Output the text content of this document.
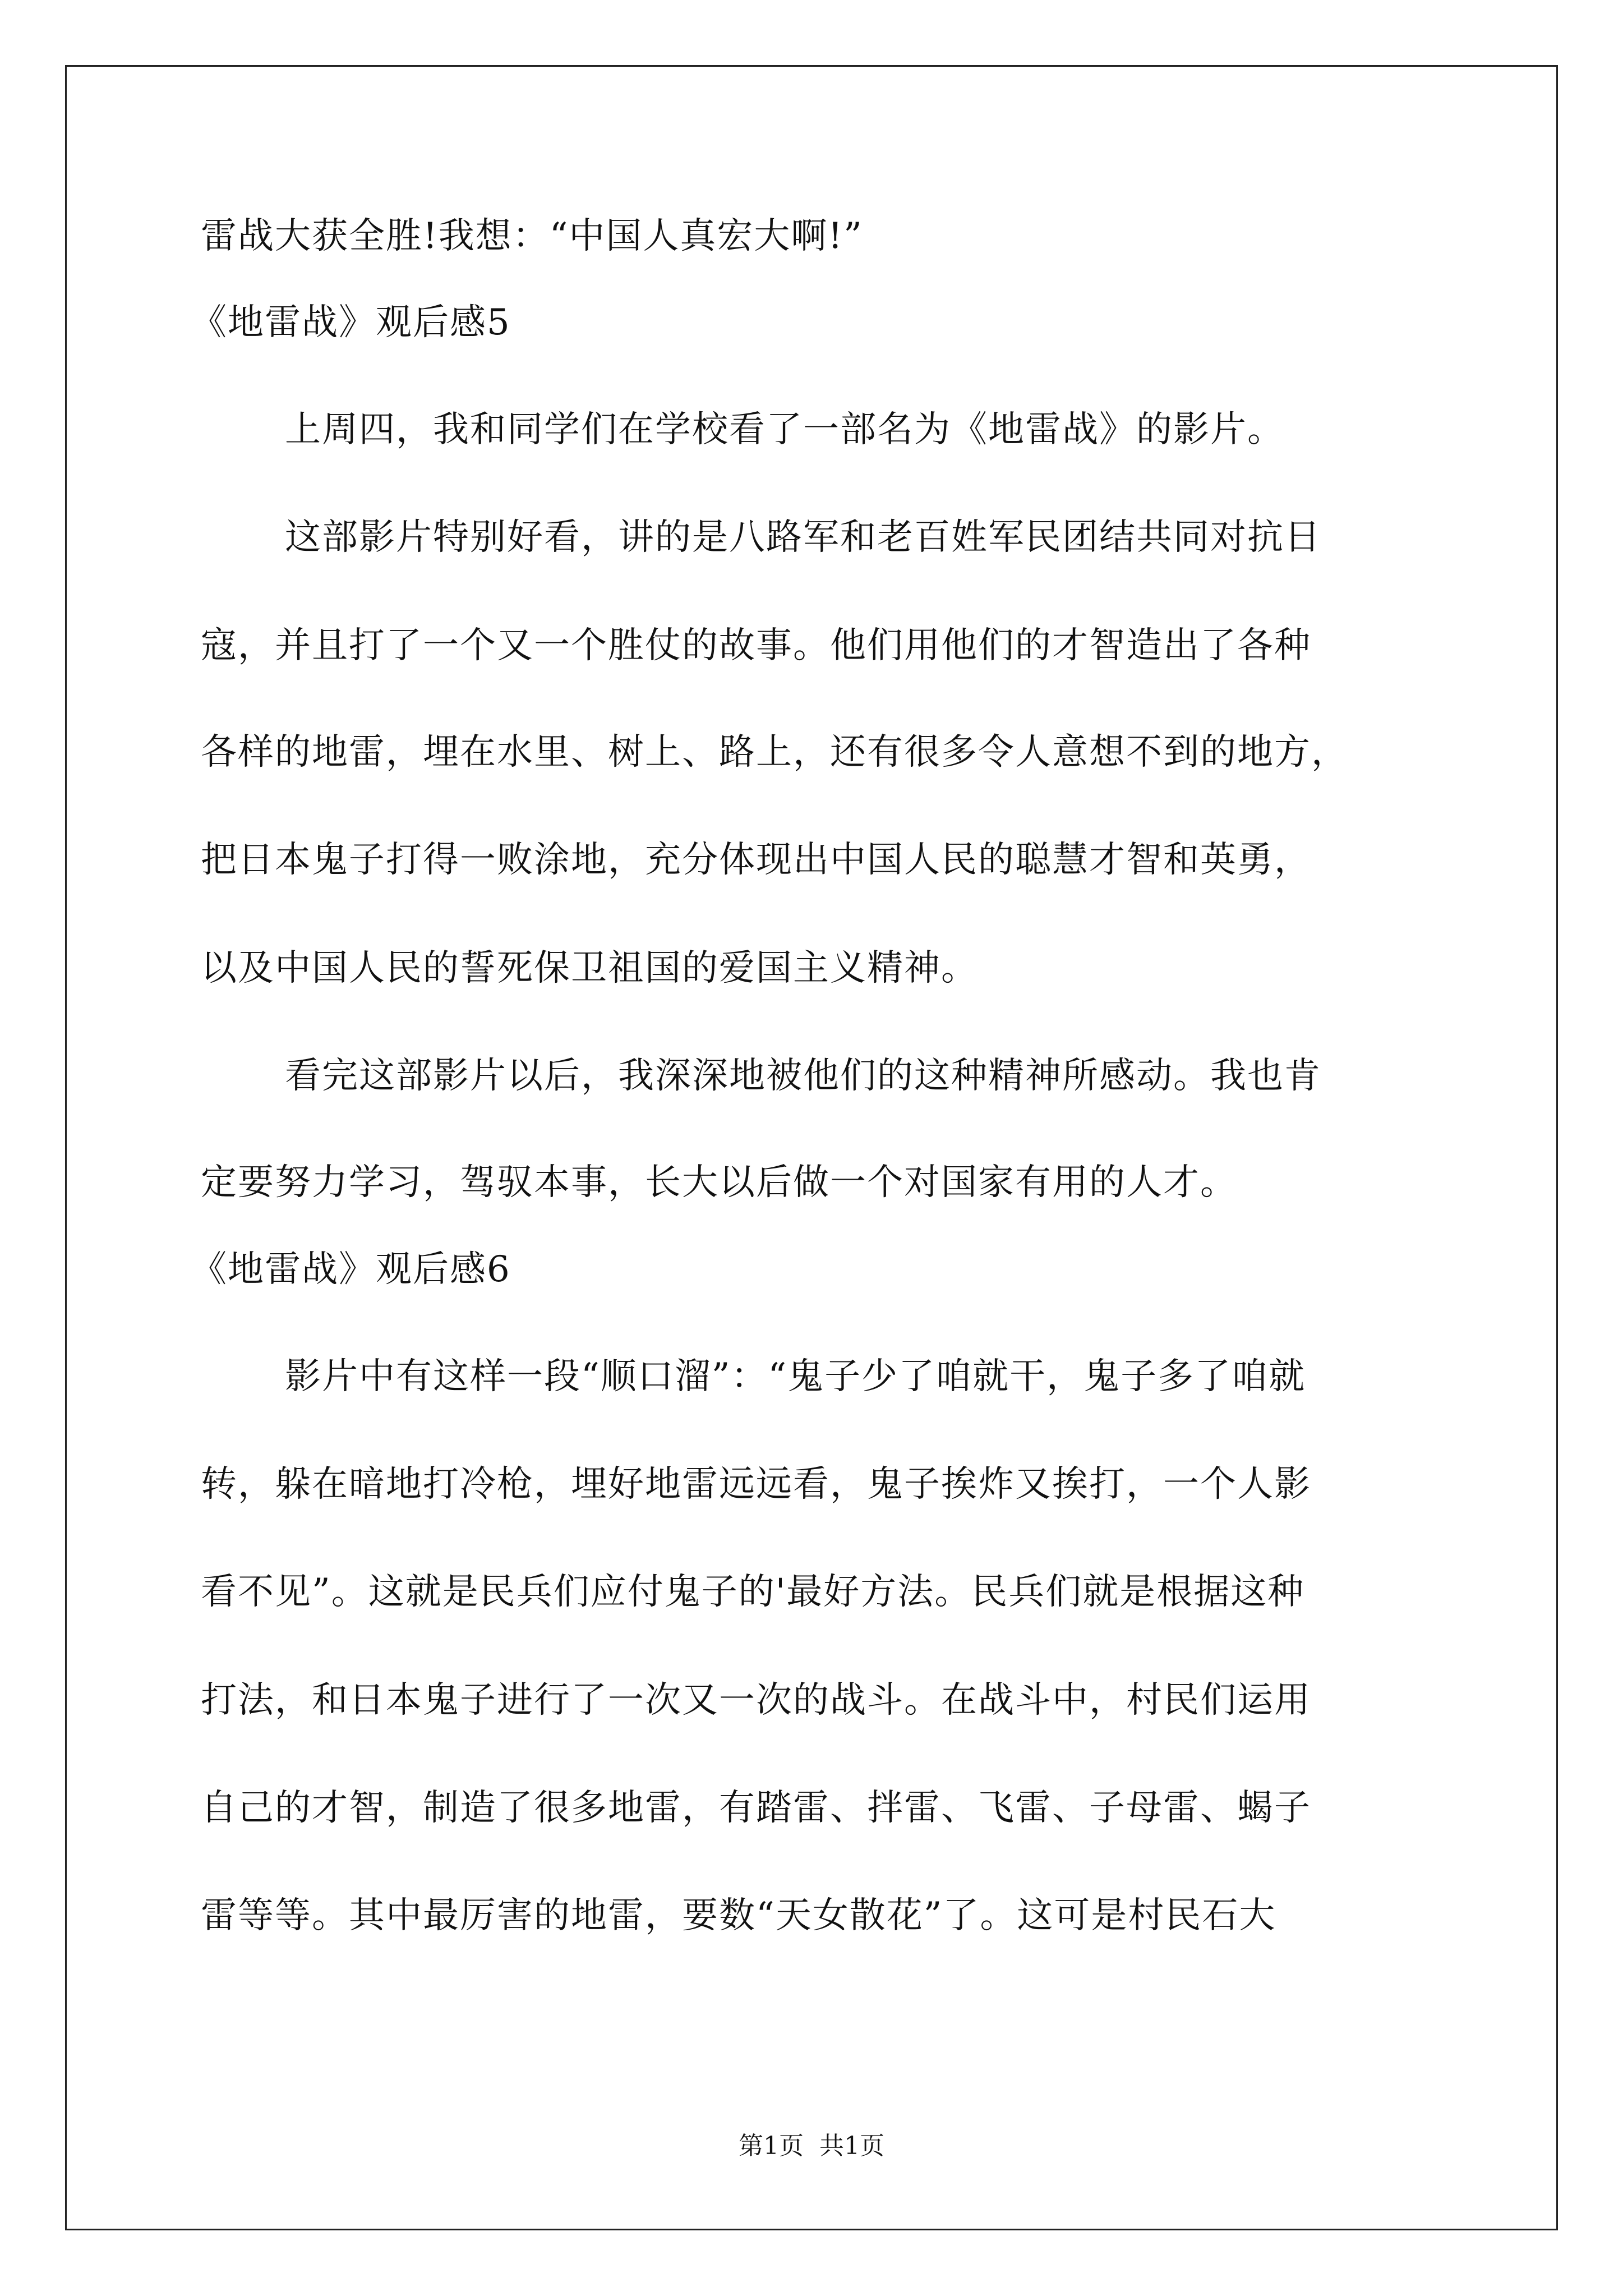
雷战大获全胜!我想：“中国人真宏大啊!”
《地雷战》观后感5
上周四，我和同学们在学校看了一部名为《地雷战》的影片。
这部影片特别好看，讲的是八路军和老百姓军民团结共同对抗日
寇，并且打了一个又一个胜仗的故事。他们用他们的才智造出了各种
各样的地雷，埋在水里、树上、路上，还有很多令人意想不到的地方，
把日本鬼子打得一败涂地，充分体现出中国人民的聪慧才智和英勇，
以及中国人民的誓死保卫祖国的爱国主义精神。
看完这部影片以后，我深深地被他们的这种精神所感动。我也肯
定要努力学习，驾驭本事，长大以后做一个对国家有用的人才。
《地雷战》观后感6
影片中有这样一段“顺口溜”：“鬼子少了咱就干，鬼子多了咱就
转，躲在暗地打冷枪，埋好地雷远远看，鬼子挨炸又挨打，一个人影
看不见”。这就是民兵们应付鬼子的'最好方法。民兵们就是根据这种
打法，和日本鬼子进行了一次又一次的战斗。在战斗中，村民们运用
自己的才智，制造了很多地雷，有踏雷、拌雷、飞雷、子母雷、蝎子
雷等等。其中最厉害的地雷，要数“天女散花”了。这可是村民石大
第1页 共1页
